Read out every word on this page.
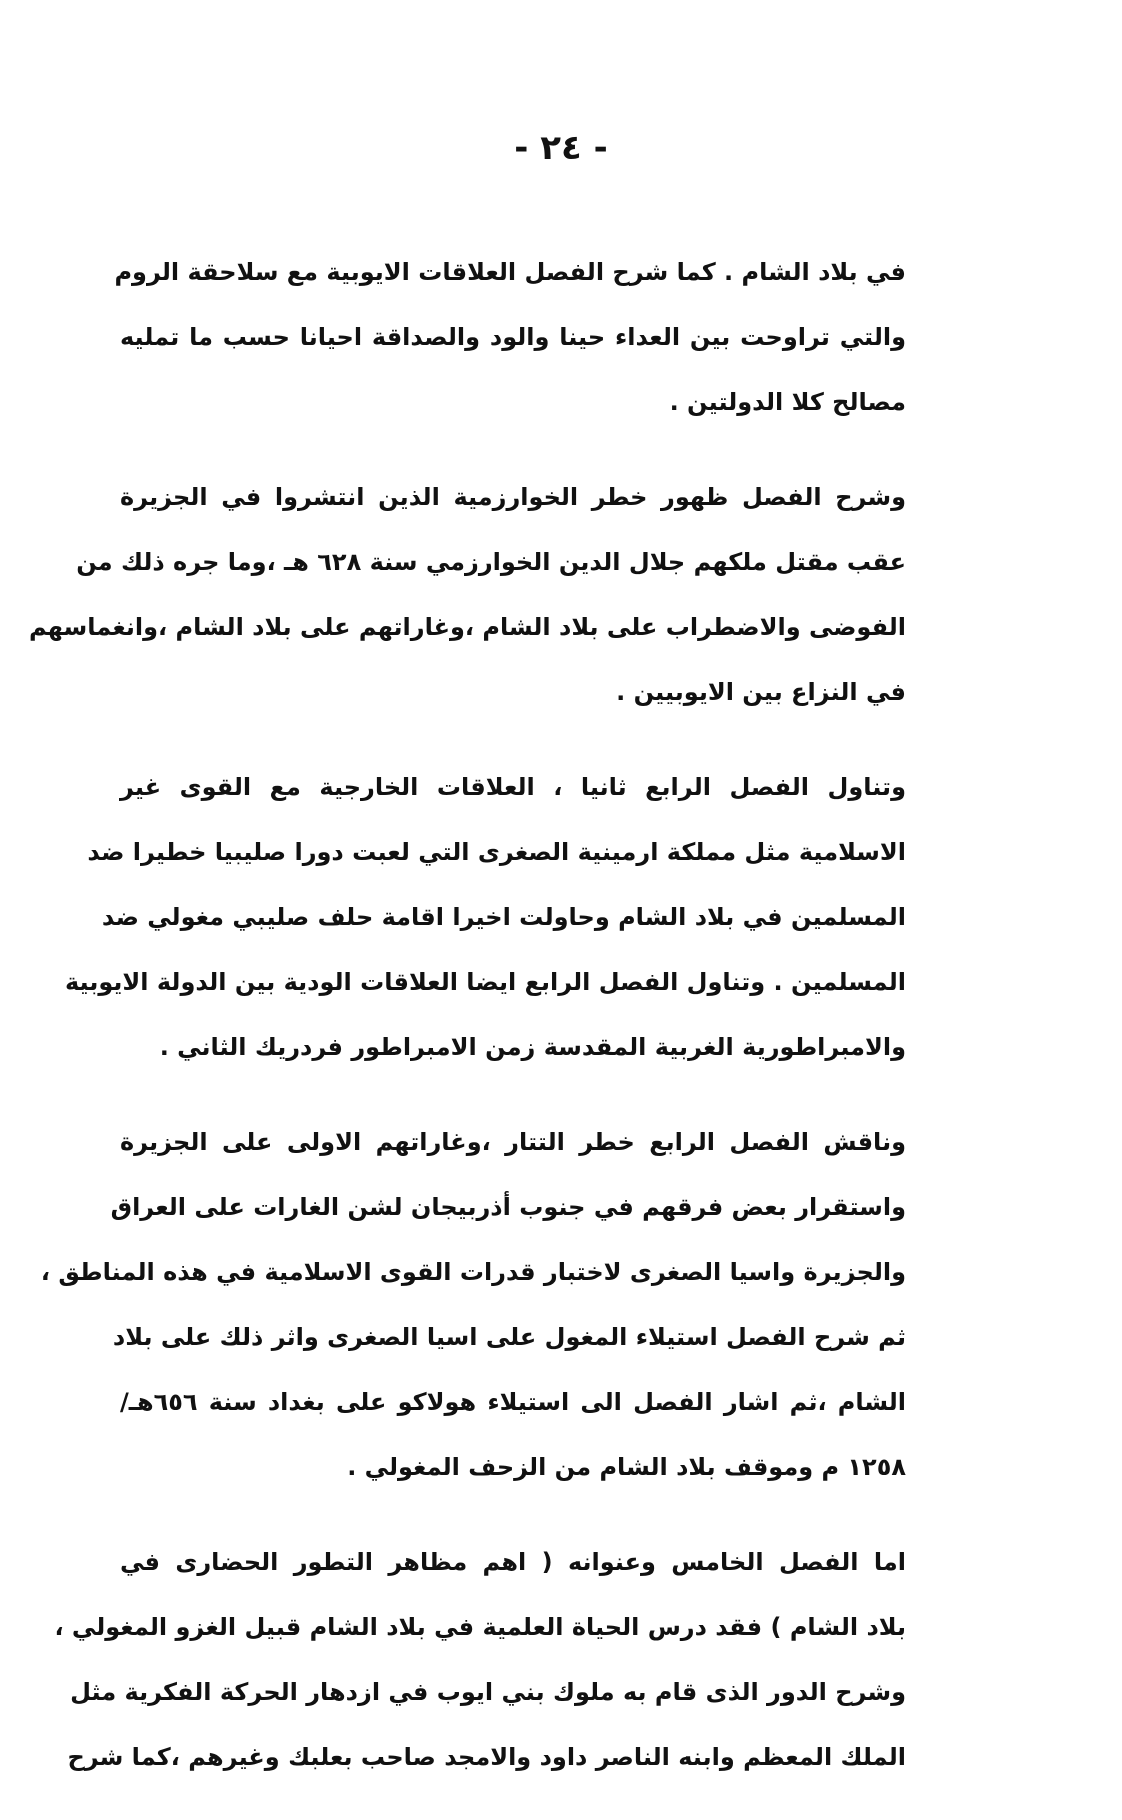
- ٢٤ -
في بلاد الشام . كما شرح الفصل العلاقات الايوبية مع سلاحقة الروم
والتي تراوحت بين العداء حينا والود والصداقة احيانا حسب ما تمليه
مصالح كلا الدولتين .
وشرح الفصل ظهور خطر الخوارزمية الذين انتشروا في الجزيرة
عقب مقتل ملكهم جلال الدين الخوارزمي سنة ٦٢٨ هـ ،وما جره ذلك من
الفوضى والاضطراب على بلاد الشام ،وغاراتهم على بلاد الشام ،وانغماسهم
في النزاع بين الايوبيين .
وتناول الفصل الرابع ثانيا ، العلاقات الخارجية مع القوى غير
الاسلامية مثل مملكة ارمينية الصغرى التي لعبت دورا صليبيا خطيرا ضد
المسلمين في بلاد الشام وحاولت اخيرا اقامة حلف صليبي مغولي ضد
المسلمين . وتناول الفصل الرابع ايضا العلاقات الودية بين الدولة الايوبية
والامبراطورية الغربية المقدسة زمن الامبراطور فردريك الثاني .
وناقش الفصل الرابع خطر التتار ،وغاراتهم الاولى على الجزيرة
واستقرار بعض فرقهم في جنوب أذربيجان لشن الغارات على العراق
والجزيرة واسيا الصغرى لاختبار قدرات القوى الاسلامية في هذه المناطق ،
ثم شرح الفصل استيلاء المغول على اسيا الصغرى واثر ذلك على بلاد
الشام ،ثم اشار الفصل الى استيلاء هولاكو على بغداد سنة ٦٥٦هـ/
١٢٥٨ م وموقف بلاد الشام من الزحف المغولي .
اما الفصل الخامس وعنوانه ( اهم مظاهر التطور الحضارى في
بلاد الشام ) فقد درس الحياة العلمية في بلاد الشام قبيل الغزو المغولي ،
وشرح الدور الذى قام به ملوك بني ايوب في ازدهار الحركة الفكرية مثل
الملك المعظم وابنه الناصر داود والامجد صاحب بعلبك وغيرهم ،كما شرح
